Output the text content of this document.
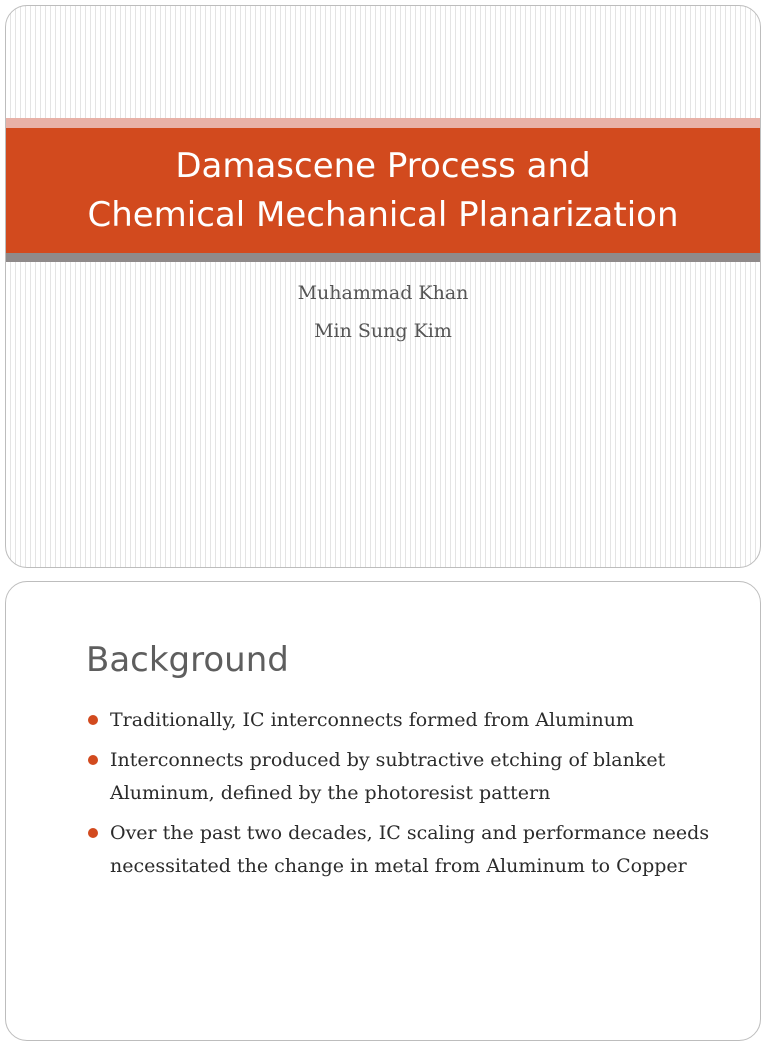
Damascene Process and
Chemical Mechanical Planarization
Muhammad Khan
Min Sung Kim
Background
Traditionally, IC interconnects formed from Aluminum
Interconnects produced by subtractive etching of blanket Aluminum, defined by the photoresist pattern
Over the past two decades, IC scaling and performance needs necessitated the change in metal from Aluminum to Copper
